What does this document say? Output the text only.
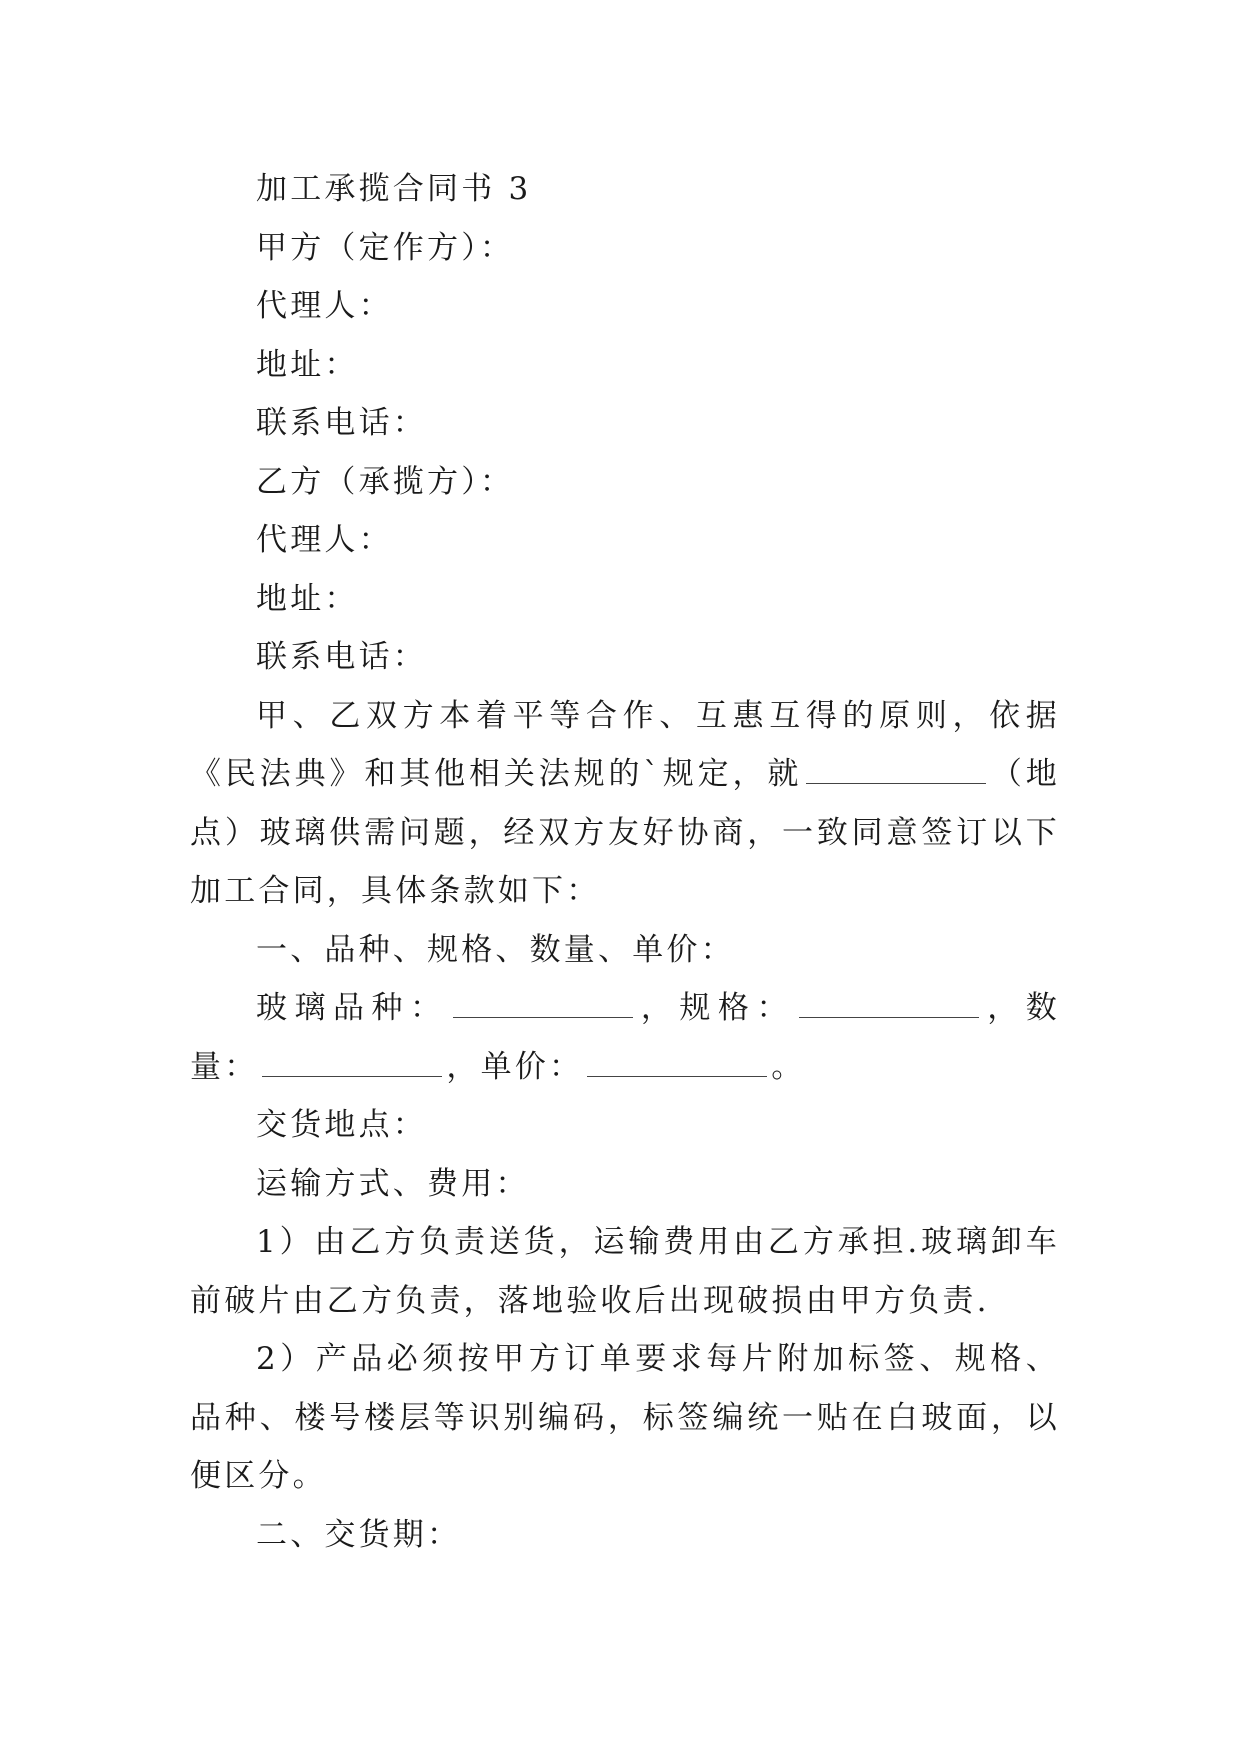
加工承揽合同书 3

甲方（定作方）：

代理人：

地址：

联系电话：

乙方（承揽方）：

代理人：

地址：

联系电话：

甲、乙双方本着平等合作、互惠互得的原则，依据《民法典》和其他相关法规的`规定，就	（地点）玻璃供需问题，经双方友好协商，一致同意签订以下加工合同，具体条款如下：

一、品种、规格、数量、单价：

玻璃品种：	，规格：	，数量：	，单价：	。

交货地点：

运输方式、费用：

1）由乙方负责送货，运输费用由乙方承担.玻璃卸车前破片由乙方负责，落地验收后出现破损由甲方负责.

2）产品必须按甲方订单要求每片附加标签、规格、品种、楼号楼层等识别编码，标签编统一贴在白玻面，以便区分。

二、交货期：
